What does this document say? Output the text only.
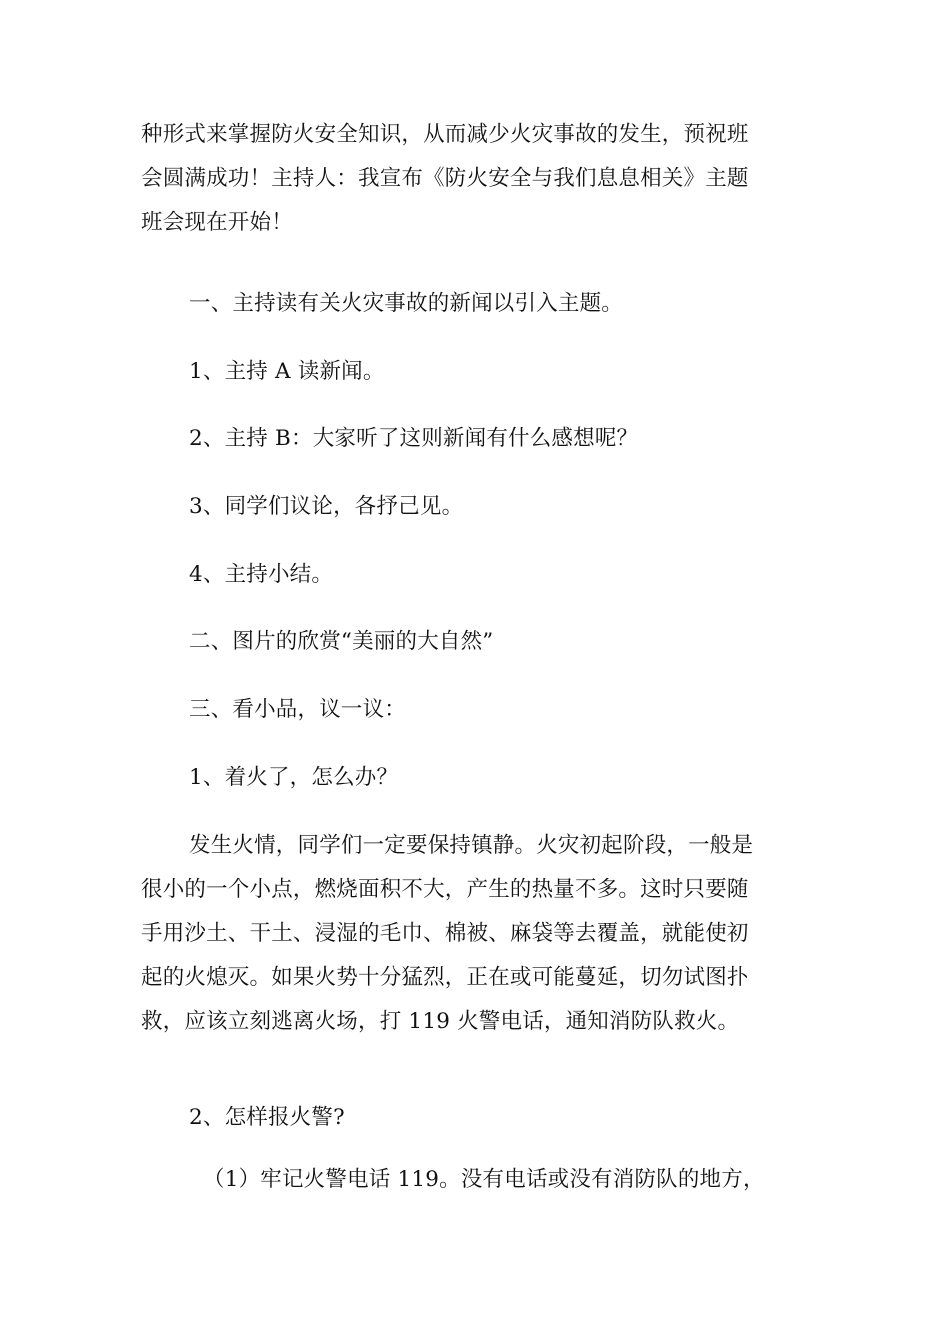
种形式来掌握防火安全知识，从而减少火灾事故的发生，预祝班
会圆满成功！主持人：我宣布《防火安全与我们息息相关》主题
班会现在开始！
一、主持读有关火灾事故的新闻以引入主题。
1、主持 A 读新闻。
2、主持 B：大家听了这则新闻有什么感想呢？
3、同学们议论，各抒己见。
4、主持小结。
二、图片的欣赏“美丽的大自然”
三、看小品，议一议：
1、着火了，怎么办？
发生火情，同学们一定要保持镇静。火灾初起阶段，一般是
很小的一个小点，燃烧面积不大，产生的热量不多。这时只要随
手用沙土、干土、浸湿的毛巾、棉被、麻袋等去覆盖，就能使初
起的火熄灭。如果火势十分猛烈，正在或可能蔓延，切勿试图扑
救，应该立刻逃离火场，打 119 火警电话，通知消防队救火。
2、怎样报火警?
（1）牢记火警电话 119。没有电话或没有消防队的地方，
